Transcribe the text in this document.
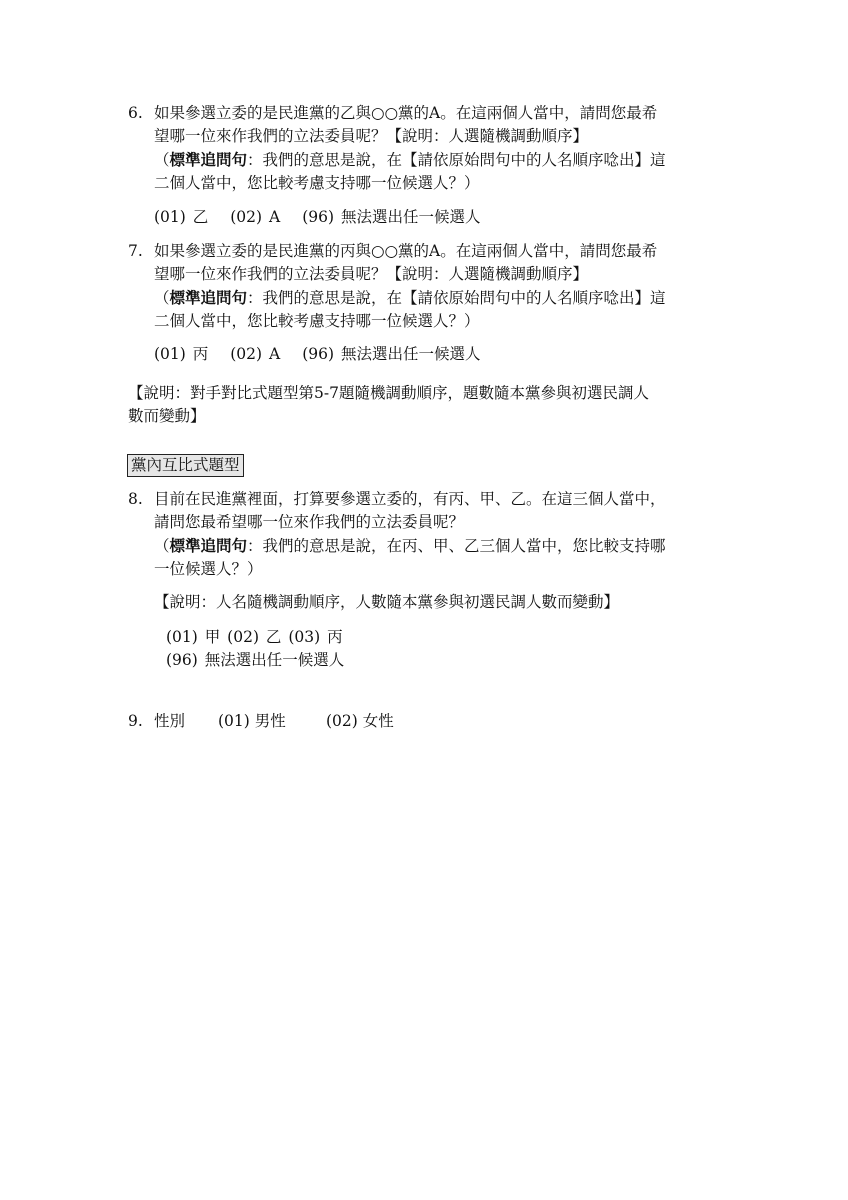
6. 如果參選立委的是民進黨的乙與○○黨的A。在這兩個人當中，請問您最希
望哪一位來作我們的立法委員呢？【說明：人選隨機調動順序】
（標準追問句：我們的意思是說，在【請依原始問句中的人名順序唸出】這
二個人當中，您比較考慮支持哪一位候選人？）
(01) 乙 (02) A (96) 無法選出任一候選人
7. 如果參選立委的是民進黨的丙與○○黨的A。在這兩個人當中，請問您最希
望哪一位來作我們的立法委員呢？【說明：人選隨機調動順序】
（標準追問句：我們的意思是說，在【請依原始問句中的人名順序唸出】這
二個人當中，您比較考慮支持哪一位候選人？）
(01) 丙 (02) A (96) 無法選出任一候選人
【說明：對手對比式題型第5-7題隨機調動順序，題數隨本黨參與初選民調人
數而變動】
黨內互比式題型
8. 目前在民進黨裡面，打算要參選立委的，有丙、甲、乙。在這三個人當中，
請問您最希望哪一位來作我們的立法委員呢？
（標準追問句：我們的意思是說，在丙、甲、乙三個人當中，您比較支持哪
一位候選人？）
【說明：人名隨機調動順序，人數隨本黨參與初選民調人數而變動】
(01) 甲 (02) 乙 (03) 丙
(96) 無法選出任一候選人
9. 性別 (01) 男性	(02) 女性
